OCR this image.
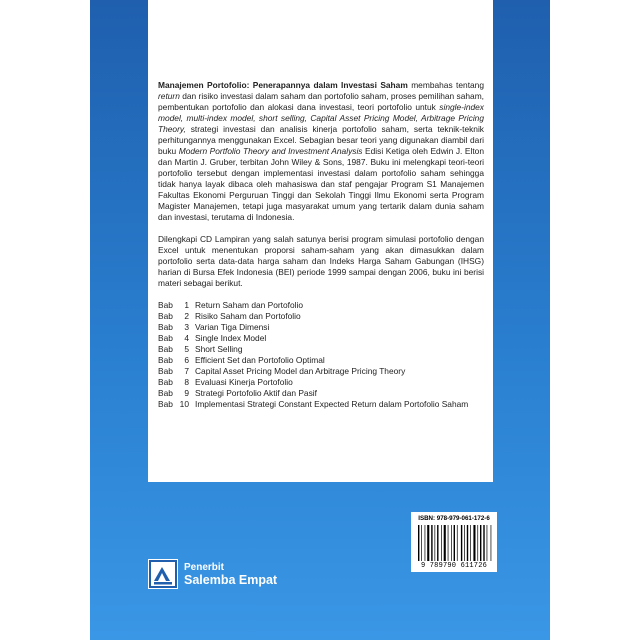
Manajemen Portofolio: Penerapannya dalam Investasi Saham membahas tentang return dan risiko investasi dalam saham dan portofolio saham, proses pemilihan saham, pembentukan portofolio dan alokasi dana investasi, teori portofolio untuk single-index model, multi-index model, short selling, Capital Asset Pricing Model, Arbitrage Pricing Theory, strategi investasi dan analisis kinerja portofolio saham, serta teknik-teknik perhitungannya menggunakan Excel. Sebagian besar teori yang digunakan diambil dari buku Modern Portfolio Theory and Investment Analysis Edisi Ketiga oleh Edwin J. Elton dan Martin J. Gruber, terbitan John Wiley & Sons, 1987. Buku ini melengkapi teori-teori portofolio tersebut dengan implementasi investasi dalam portofolio saham sehingga tidak hanya layak dibaca oleh mahasiswa dan staf pengajar Program S1 Manajemen Fakultas Ekonomi Perguruan Tinggi dan Sekolah Tinggi Ilmu Ekonomi serta Program Magister Manajemen, tetapi juga masyarakat umum yang tertarik dalam dunia saham dan investasi, terutama di Indonesia.

Dilengkapi CD Lampiran yang salah satunya berisi program simulasi portofolio dengan Excel untuk menentukan proporsi saham-saham yang akan dimasukkan dalam portofolio serta data-data harga saham dan Indeks Harga Saham Gabungan (IHSG) harian di Bursa Efek Indonesia (BEI) periode 1999 sampai dengan 2006, buku ini berisi materi sebagai berikut.

Bab	1 Return Saham dan Portofolio
Bab	2 Risiko Saham dan Portofolio
Bab	3 Varian Tiga Dimensi
Bab	4 Single Index Model
Bab	5 Short Selling
Bab	6 Efficient Set dan Portofolio Optimal
Bab	7 Capital Asset Pricing Model dan Arbitrage Pricing Theory
Bab	8 Evaluasi Kinerja Portofolio
Bab	9 Strategi Portofolio Aktif dan Pasif
Bab 10 Implementasi Strategi Constant Expected Return dalam Portofolio Saham
Penerbit
Salemba Empat
ISBN: 978-979-061-172-6
9 789790 611726
